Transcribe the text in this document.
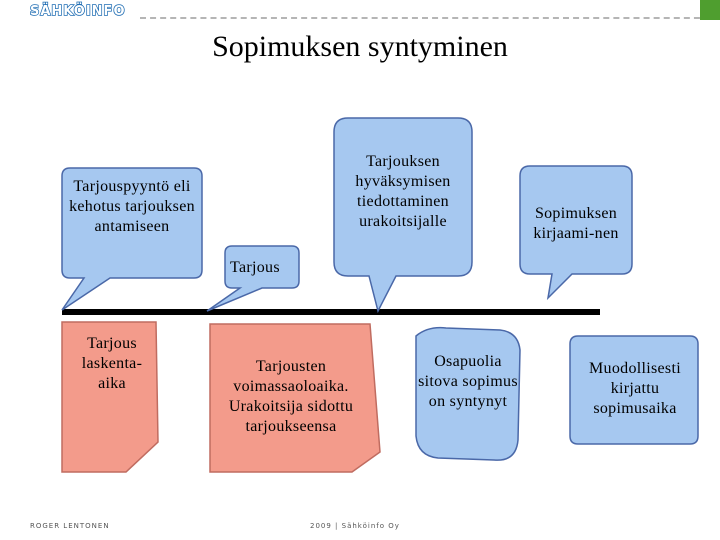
SÄHKÖINFO
Sopimuksen syntyminen
Tarjouspyyntö eli kehotus tarjouksen antamiseen
Tarjous
Tarjouksen hyväksymisen tiedottaminen urakoitsijalle	Sopimuksen kirjaami-nen
Tarjous laskenta-aika
Tarjousten voimassaoloaika. Urakoitsija sidottu tarjoukseensa
Osapuolia sitova sopimus on syntynyt
Muodollisesti kirjattu sopimusaika
ROGER LENTONEN	2009 | Sähköinfo Oy
